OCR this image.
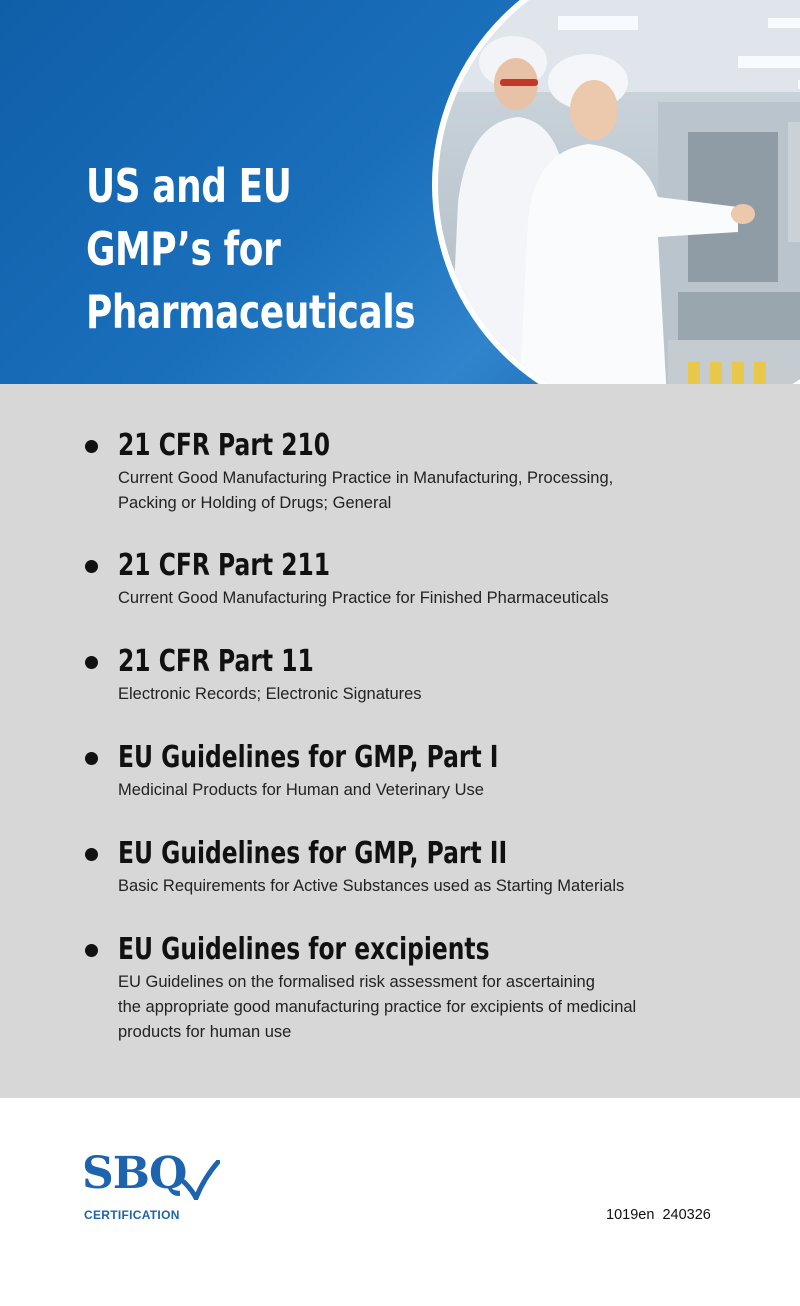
US and EU
GMP’s for
Pharmaceuticals
21 CFR Part 210

Current Good Manufacturing Practice in Manufacturing, Processing,
Packing or Holding of Drugs; General

21 CFR Part 211

Current Good Manufacturing Practice for Finished Pharmaceuticals

21 CFR Part 11

Electronic Records; Electronic Signatures

EU Guidelines for GMP, Part I

Medicinal Products for Human and Veterinary Use

EU Guidelines for GMP, Part II

Basic Requirements for Active Substances used as Starting Materials

EU Guidelines for excipients

EU Guidelines on the formalised risk assessment for ascertaining
the appropriate good manufacturing practice for excipients of medicinal
products for human use

SBQ
CERTIFICATION	1019en  240326
